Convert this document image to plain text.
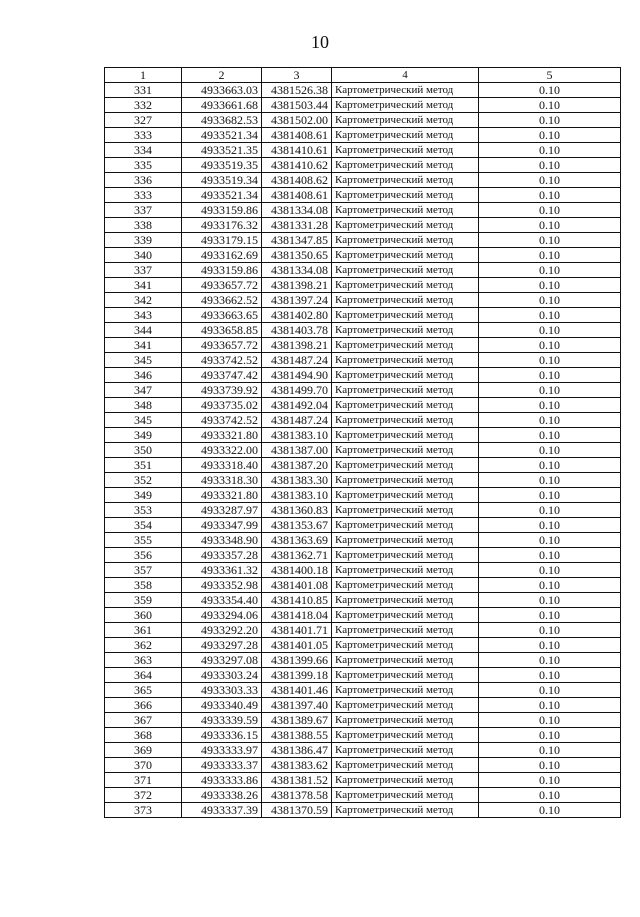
10
1	2	3	4	5
331	4933663.03	4381526.38	Картометрический метод	0.10
332	4933661.68	4381503.44	Картометрический метод	0.10
327	4933682.53	4381502.00	Картометрический метод	0.10
333	4933521.34	4381408.61	Картометрический метод	0.10
334	4933521.35	4381410.61	Картометрический метод	0.10
335	4933519.35	4381410.62	Картометрический метод	0.10
336	4933519.34	4381408.62	Картометрический метод	0.10
333	4933521.34	4381408.61	Картометрический метод	0.10
337	4933159.86	4381334.08	Картометрический метод	0.10
338	4933176.32	4381331.28	Картометрический метод	0.10
339	4933179.15	4381347.85	Картометрический метод	0.10
340	4933162.69	4381350.65	Картометрический метод	0.10
337	4933159.86	4381334.08	Картометрический метод	0.10
341	4933657.72	4381398.21	Картометрический метод	0.10
342	4933662.52	4381397.24	Картометрический метод	0.10
343	4933663.65	4381402.80	Картометрический метод	0.10
344	4933658.85	4381403.78	Картометрический метод	0.10
341	4933657.72	4381398.21	Картометрический метод	0.10
345	4933742.52	4381487.24	Картометрический метод	0.10
346	4933747.42	4381494.90	Картометрический метод	0.10
347	4933739.92	4381499.70	Картометрический метод	0.10
348	4933735.02	4381492.04	Картометрический метод	0.10
345	4933742.52	4381487.24	Картометрический метод	0.10
349	4933321.80	4381383.10	Картометрический метод	0.10
350	4933322.00	4381387.00	Картометрический метод	0.10
351	4933318.40	4381387.20	Картометрический метод	0.10
352	4933318.30	4381383.30	Картометрический метод	0.10
349	4933321.80	4381383.10	Картометрический метод	0.10
353	4933287.97	4381360.83	Картометрический метод	0.10
354	4933347.99	4381353.67	Картометрический метод	0.10
355	4933348.90	4381363.69	Картометрический метод	0.10
356	4933357.28	4381362.71	Картометрический метод	0.10
357	4933361.32	4381400.18	Картометрический метод	0.10
358	4933352.98	4381401.08	Картометрический метод	0.10
359	4933354.40	4381410.85	Картометрический метод	0.10
360	4933294.06	4381418.04	Картометрический метод	0.10
361	4933292.20	4381401.71	Картометрический метод	0.10
362	4933297.28	4381401.05	Картометрический метод	0.10
363	4933297.08	4381399.66	Картометрический метод	0.10
364	4933303.24	4381399.18	Картометрический метод	0.10
365	4933303.33	4381401.46	Картометрический метод	0.10
366	4933340.49	4381397.40	Картометрический метод	0.10
367	4933339.59	4381389.67	Картометрический метод	0.10
368	4933336.15	4381388.55	Картометрический метод	0.10
369	4933333.97	4381386.47	Картометрический метод	0.10
370	4933333.37	4381383.62	Картометрический метод	0.10
371	4933333.86	4381381.52	Картометрический метод	0.10
372	4933338.26	4381378.58	Картометрический метод	0.10
373	4933337.39	4381370.59	Картометрический метод	0.10
